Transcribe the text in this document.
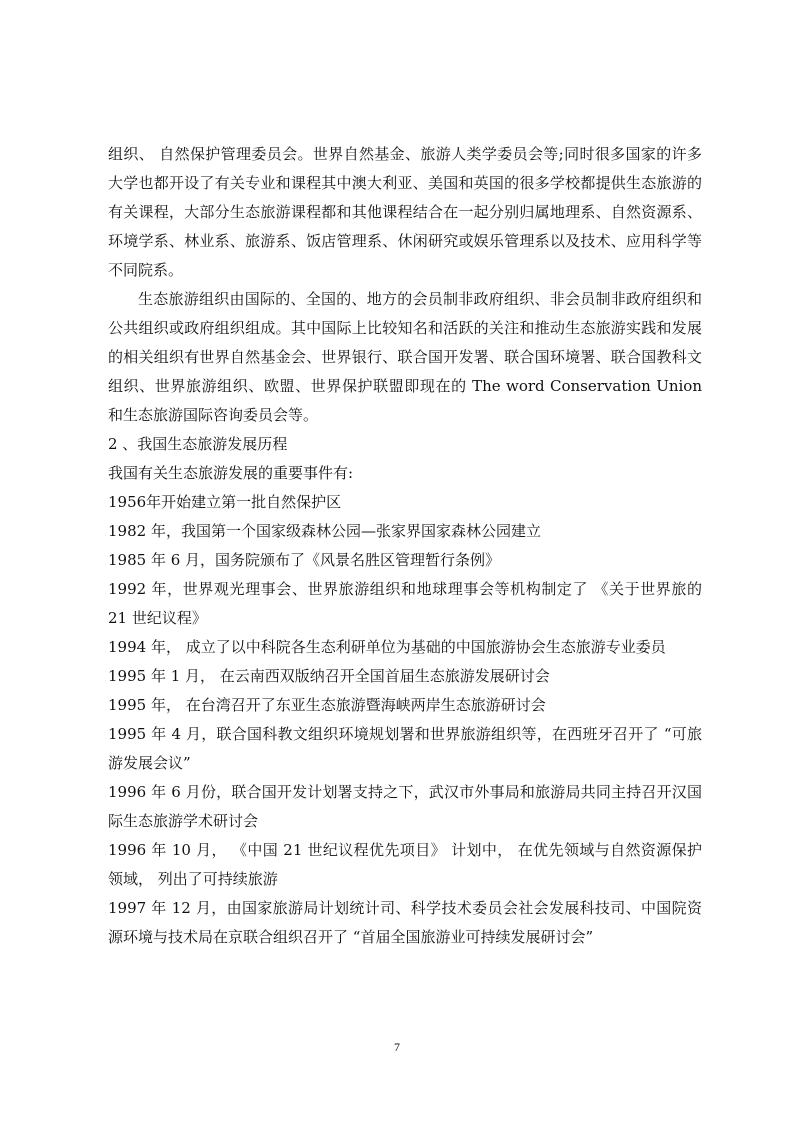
组织、 自然保护管理委员会。世界自然基金、旅游人类学委员会等;同时很多国家的许多大学也都开设了有关专业和课程其中澳大利亚、美国和英国的很多学校都提供生态旅游的有关课程，大部分生态旅游课程都和其他课程结合在一起分别归属地理系、自然资源系、环境学系、林业系、旅游系、饭店管理系、休闲研究或娱乐管理系以及技术、应用科学等不同院系。

生态旅游组织由国际的、全国的、地方的会员制非政府组织、非会员制非政府组织和公共组织或政府组织组成。其中国际上比较知名和活跃的关注和推动生态旅游实践和发展的相关组织有世界自然基金会、世界银行、联合国开发署、联合国环境署、联合国教科文组织、世界旅游组织、欧盟、世界保护联盟即现在的 The word Conservation Union 和生态旅游国际咨询委员会等。

2 、我国生态旅游发展历程

我国有关生态旅游发展的重要事件有:

1956年开始建立第一批自然保护区

1982 年，我国第一个国家级森林公园—张家界国家森林公园建立

1985 年 6 月，国务院颁布了《风景名胜区管理暂行条例》

1992 年，世界观光理事会、世界旅游组织和地球理事会等机构制定了 《关于世界旅的 21 世纪议程》

1994 年， 成立了以中科院各生态利研单位为基础的中国旅游协会生态旅游专业委员

1995 年 1 月， 在云南西双版纳召开全国首届生态旅游发展研讨会

1995 年， 在台湾召开了东亚生态旅游暨海峡两岸生态旅游研讨会

1995 年 4 月，联合国科教文组织环境规划署和世界旅游组织等，在西班牙召开了 “可旅游发展会议”

1996 年 6 月份，联合国开发计划署支持之下，武汉市外事局和旅游局共同主持召开汉国际生态旅游学术研讨会

1996 年 10 月， 《中国 21 世纪议程优先项目》 计划中， 在优先领域与自然资源保护领域， 列出了可持续旅游

1997 年 12 月，由国家旅游局计划统计司、科学技术委员会社会发展科技司、中国院资源环境与技术局在京联合组织召开了 “首届全国旅游业可持续发展研讨会”

7
